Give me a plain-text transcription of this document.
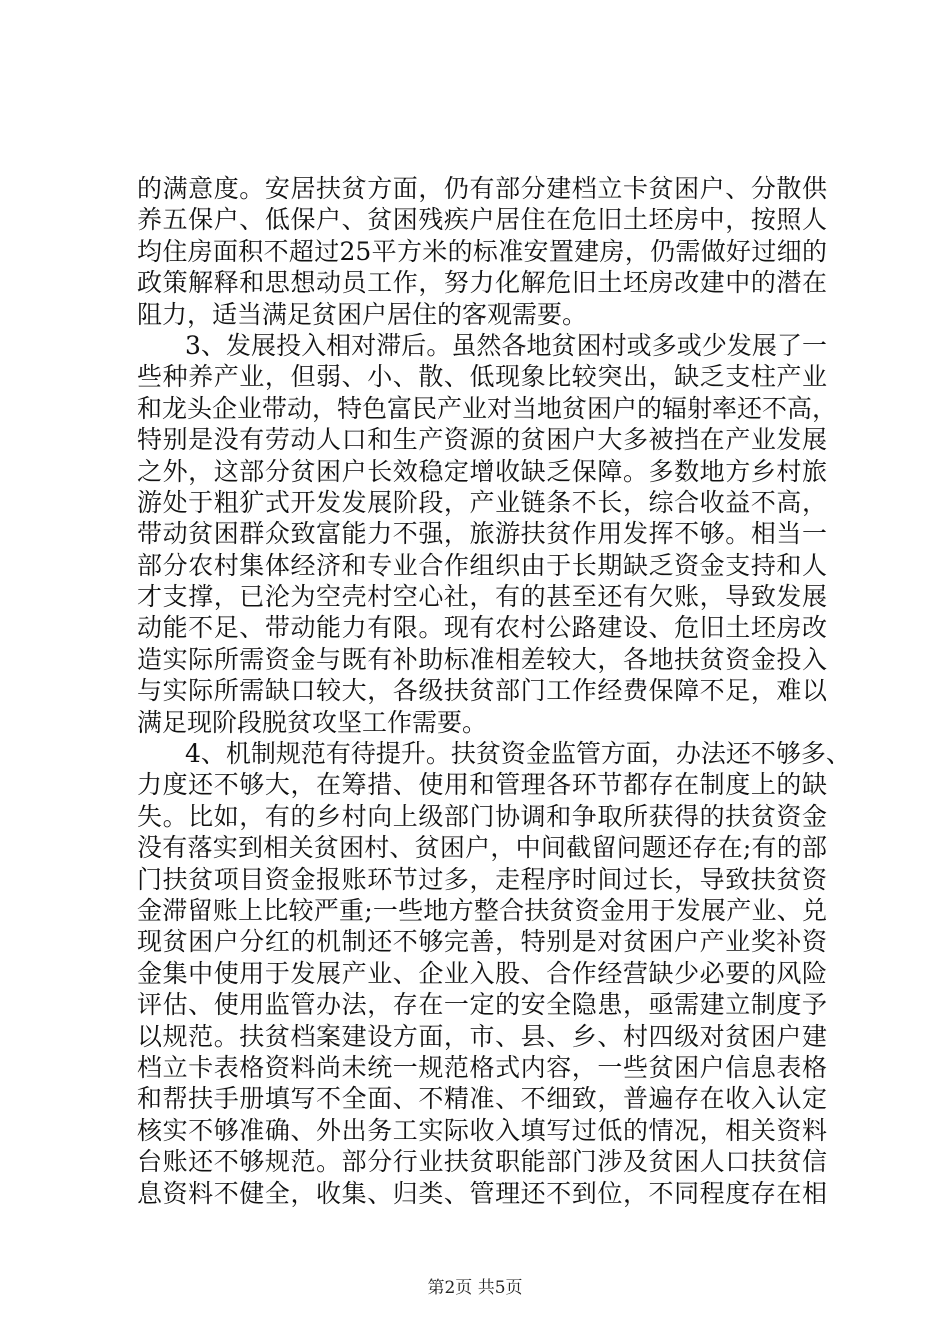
的满意度。安居扶贫方面，仍有部分建档立卡贫困户、分散供
养五保户、低保户、贫困残疾户居住在危旧土坯房中，按照人
均住房面积不超过25平方米的标准安置建房，仍需做好过细的
政策解释和思想动员工作，努力化解危旧土坯房改建中的潜在
阻力，适当满足贫困户居住的客观需要。
3、发展投入相对滞后。虽然各地贫困村或多或少发展了一
些种养产业，但弱、小、散、低现象比较突出，缺乏支柱产业
和龙头企业带动，特色富民产业对当地贫困户的辐射率还不高，
特别是没有劳动人口和生产资源的贫困户大多被挡在产业发展
之外，这部分贫困户长效稳定增收缺乏保障。多数地方乡村旅
游处于粗犷式开发发展阶段，产业链条不长，综合收益不高，
带动贫困群众致富能力不强，旅游扶贫作用发挥不够。相当一
部分农村集体经济和专业合作组织由于长期缺乏资金支持和人
才支撑，已沦为空壳村空心社，有的甚至还有欠账，导致发展
动能不足、带动能力有限。现有农村公路建设、危旧土坯房改
造实际所需资金与既有补助标准相差较大，各地扶贫资金投入
与实际所需缺口较大，各级扶贫部门工作经费保障不足，难以
满足现阶段脱贫攻坚工作需要。
4、机制规范有待提升。扶贫资金监管方面，办法还不够多、
力度还不够大，在筹措、使用和管理各环节都存在制度上的缺
失。比如，有的乡村向上级部门协调和争取所获得的扶贫资金
没有落实到相关贫困村、贫困户，中间截留问题还存在;有的部
门扶贫项目资金报账环节过多，走程序时间过长，导致扶贫资
金滞留账上比较严重;一些地方整合扶贫资金用于发展产业、兑
现贫困户分红的机制还不够完善，特别是对贫困户产业奖补资
金集中使用于发展产业、企业入股、合作经营缺少必要的风险
评估、使用监管办法，存在一定的安全隐患，亟需建立制度予
以规范。扶贫档案建设方面，市、县、乡、村四级对贫困户建
档立卡表格资料尚未统一规范格式内容，一些贫困户信息表格
和帮扶手册填写不全面、不精准、不细致，普遍存在收入认定
核实不够准确、外出务工实际收入填写过低的情况，相关资料
台账还不够规范。部分行业扶贫职能部门涉及贫困人口扶贫信
息资料不健全，收集、归类、管理还不到位，不同程度存在相
第2页 共5页
